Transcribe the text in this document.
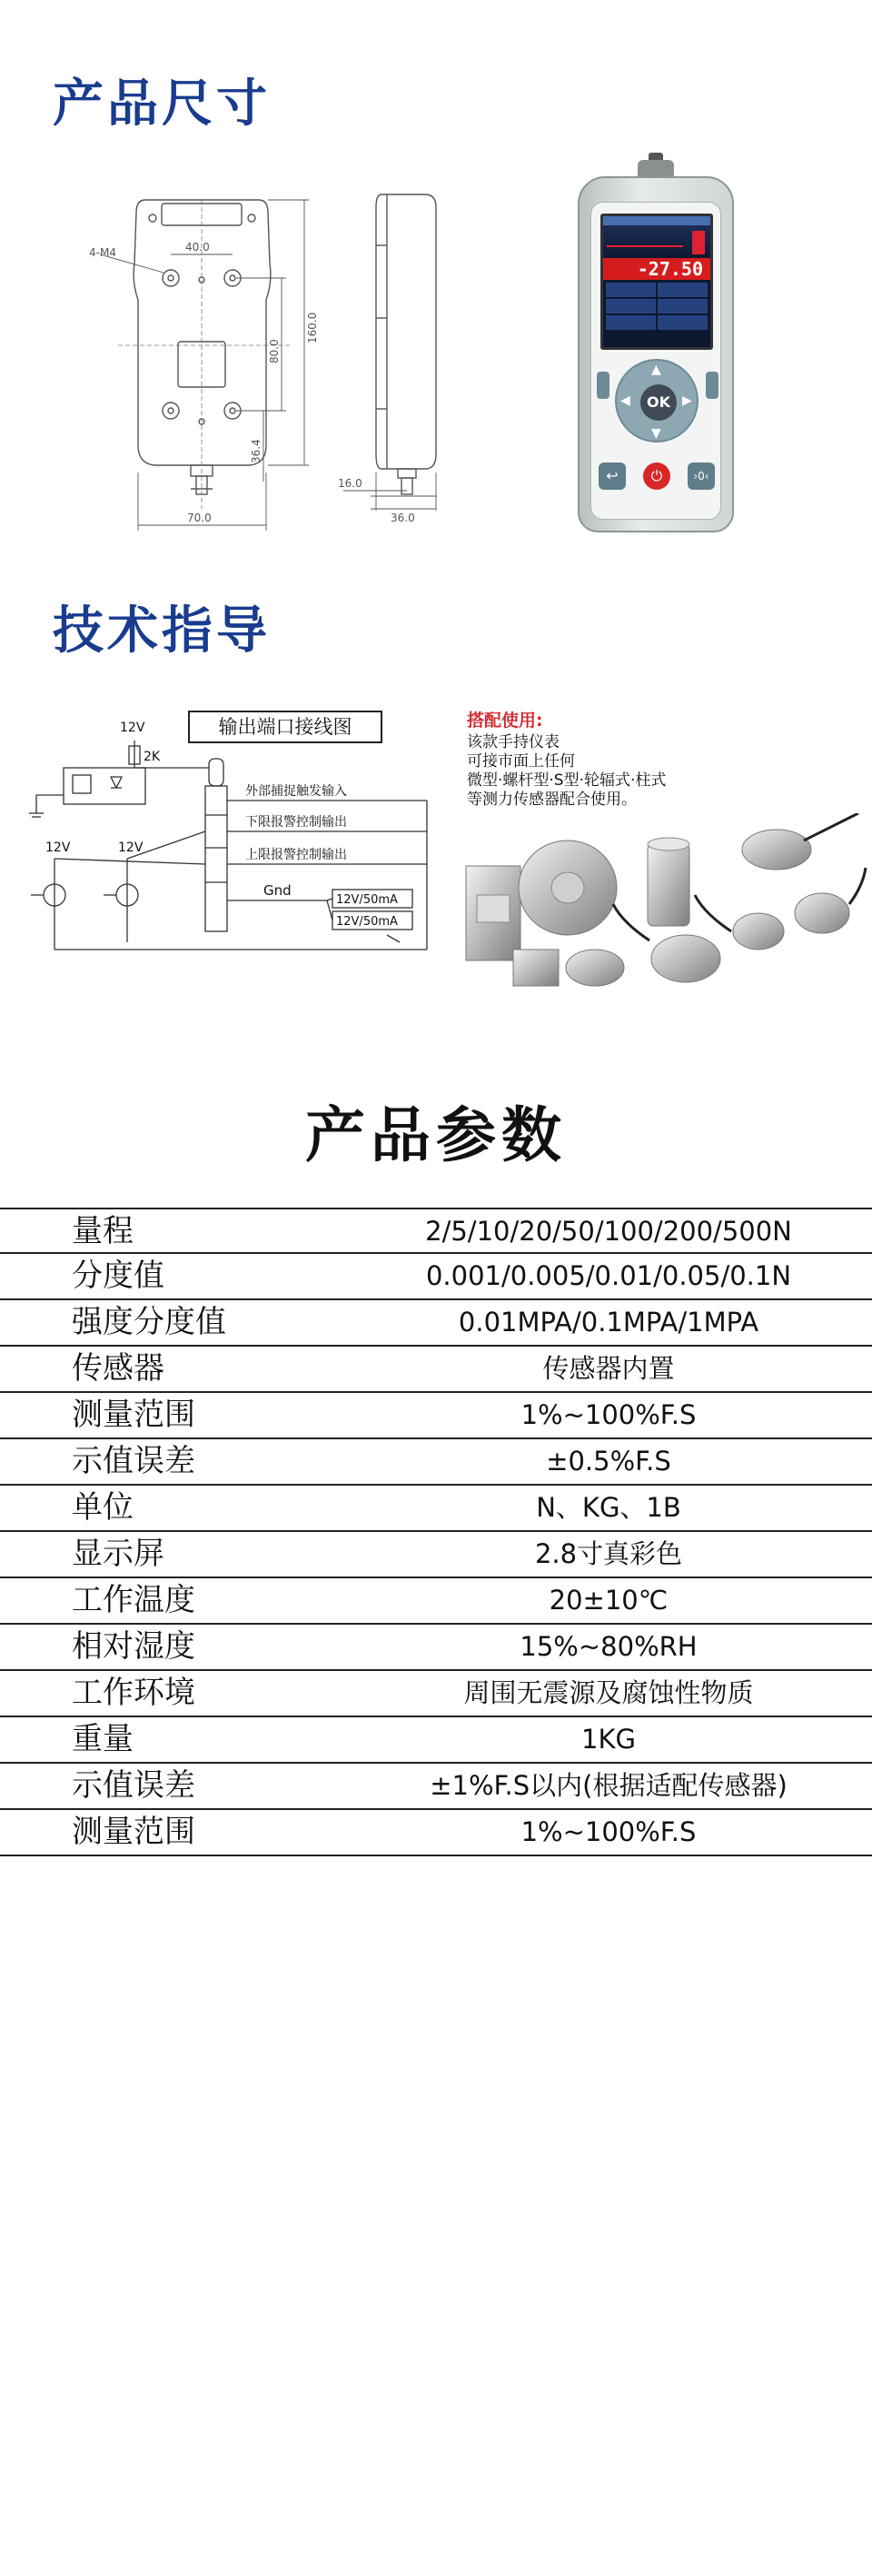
产品尺寸
4-M4	40.0
80.0
160.0
36.4
70.0
16.0
36.0
-27.50
▲
▼
◀	▶
OK
↩	⏻	›0‹
技术指导
输出端口接线图
12V
2K
12V	12V
外部捕捉触发输入
下限报警控制输出
上限报警控制输出
Gnd
12V/50mA
12V/50mA
搭配使用:
该款手持仪表
可接市面上任何
微型·螺杆型·S型·轮辐式·柱式
等测力传感器配合使用。
产品参数
量程	2/5/10/20/50/100/200/500N
分度值	0.001/0.005/0.01/0.05/0.1N
强度分度值	0.01MPA/0.1MPA/1MPA
传感器	传感器内置
测量范围	1%~100%F.S
示值误差	±0.5%F.S
单位	N、KG、1B
显示屏	2.8寸真彩色
工作温度	20±10℃
相对湿度	15%~80%RH
工作环境	周围无震源及腐蚀性物质
重量	1KG
示值误差	±1%F.S以内(根据适配传感器)
测量范围	1%~100%F.S
